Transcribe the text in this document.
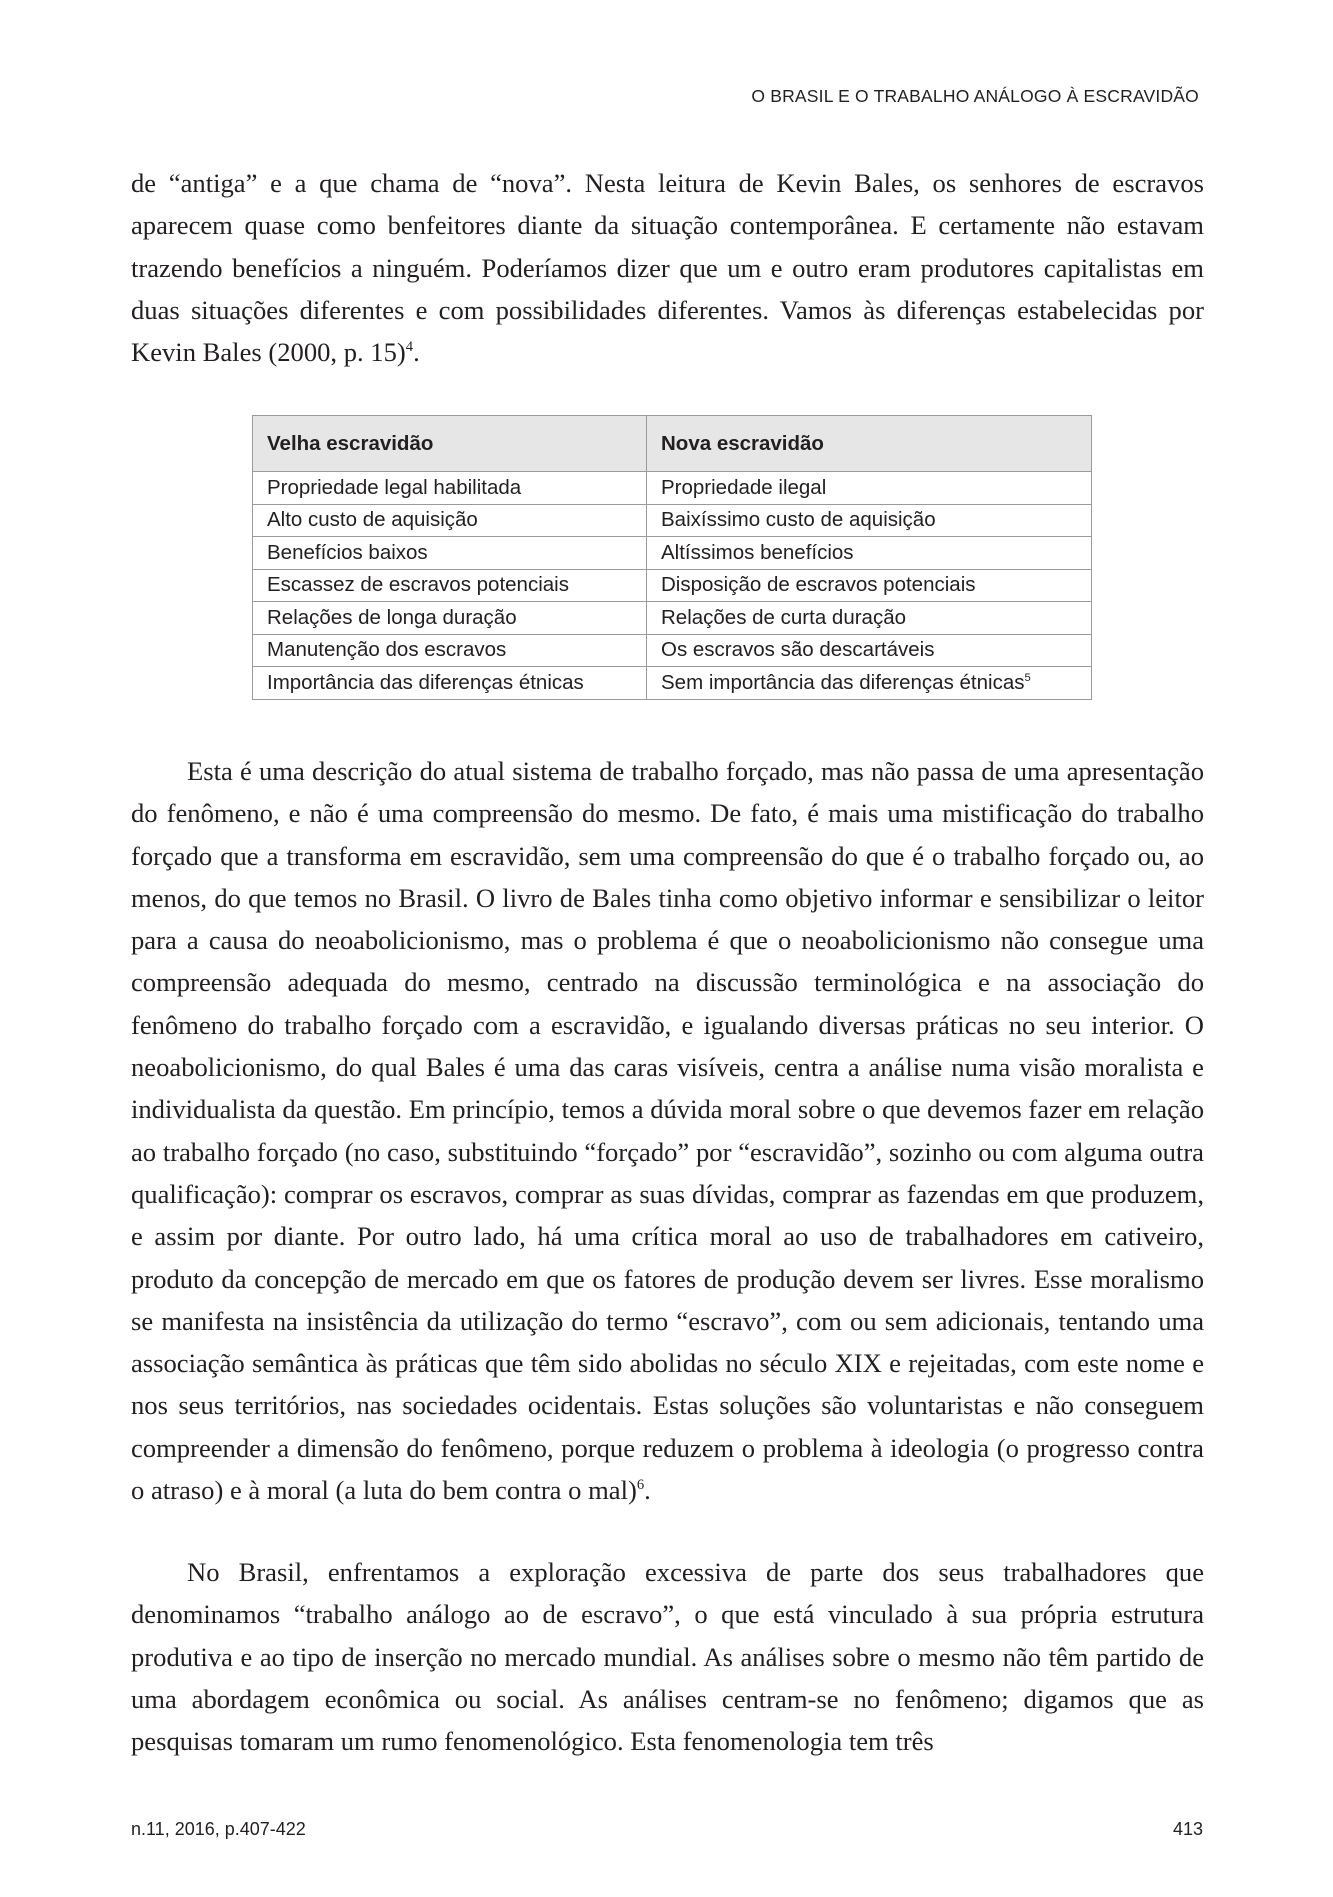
O BRASIL E O TRABALHO ANÁLOGO À ESCRAVIDÃO

de “antiga” e a que chama de “nova”. Nesta leitura de Kevin Bales, os senhores de escravos aparecem quase como benfeitores diante da situação contemporânea. E certamente não estavam trazendo benefícios a ninguém. Poderíamos dizer que um e outro eram produtores capitalistas em duas situações diferentes e com possibilidades diferentes. Vamos às diferenças estabelecidas por Kevin Bales (2000, p. 15)$^4$.

Velha escravidão	Nova escravidão
Propriedade legal habilitada	Propriedade ilegal
Alto custo de aquisição	Baixíssimo custo de aquisição
Benefícios baixos	Altíssimos benefícios
Escassez de escravos potenciais	Disposição de escravos potenciais
Relações de longa duração	Relações de curta duração
Manutenção dos escravos	Os escravos são descartáveis
Importância das diferenças étnicas	Sem importância das diferenças étnicas$^5$

Esta é uma descrição do atual sistema de trabalho forçado, mas não passa de uma apresentação do fenômeno, e não é uma compreensão do mesmo. De fato, é mais uma mistificação do trabalho forçado que a transforma em escravidão, sem uma compreensão do que é o trabalho forçado ou, ao menos, do que temos no Brasil. O livro de Bales tinha como objetivo informar e sensibilizar o leitor para a causa do neoabolicionismo, mas o problema é que o neoabolicionismo não consegue uma compreensão adequada do mesmo, centrado na discussão terminológica e na associação do fenômeno do trabalho forçado com a escravidão, e igualando diversas práticas no seu interior. O neoabolicionismo, do qual Bales é uma das caras visíveis, centra a análise numa visão moralista e individualista da questão. Em princípio, temos a dúvida moral sobre o que devemos fazer em relação ao trabalho forçado (no caso, substituindo “forçado” por “escravidão”, sozinho ou com alguma outra qualificação): comprar os escravos, comprar as suas dívidas, comprar as fazendas em que produzem, e assim por diante. Por outro lado, há uma crítica moral ao uso de trabalhadores em cativeiro, produto da concepção de mercado em que os fatores de produção devem ser livres. Esse moralismo se manifesta na insistência da utilização do termo “escravo”, com ou sem adicionais, tentando uma associação semântica às práticas que têm sido abolidas no século XIX e rejeitadas, com este nome e nos seus territórios, nas sociedades ocidentais. Estas soluções são voluntaristas e não conseguem compreender a dimensão do fenômeno, porque reduzem o problema à ideologia (o progresso contra o atraso) e à moral (a luta do bem contra o mal)$^6$.

No Brasil, enfrentamos a exploração excessiva de parte dos seus trabalhadores que denominamos “trabalho análogo ao de escravo”, o que está vinculado à sua própria estrutura produtiva e ao tipo de inserção no mercado mundial. As análises sobre o mesmo não têm partido de uma abordagem econômica ou social. As análises centram-se no fenômeno; digamos que as pesquisas tomaram um rumo fenomenológico. Esta fenomenologia tem três

n.11, 2016, p.407-422	413
